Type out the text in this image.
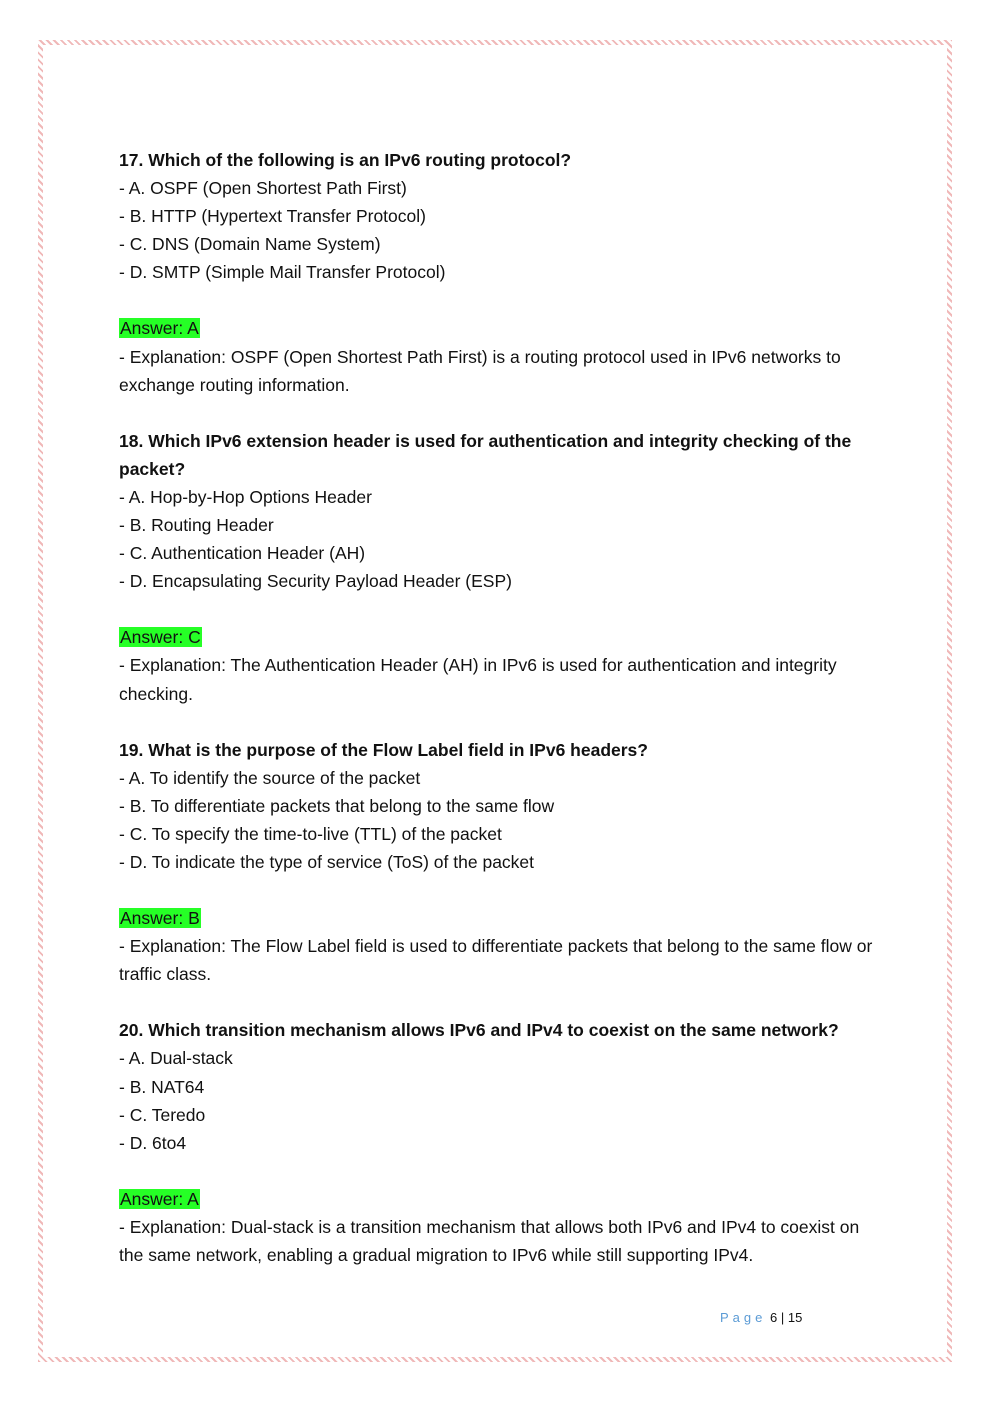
17. Which of the following is an IPv6 routing protocol?
- A. OSPF (Open Shortest Path First)
- B. HTTP (Hypertext Transfer Protocol)
- C. DNS (Domain Name System)
- D. SMTP (Simple Mail Transfer Protocol)
Answer: A
- Explanation: OSPF (Open Shortest Path First) is a routing protocol used in IPv6 networks to exchange routing information.
18. Which IPv6 extension header is used for authentication and integrity checking of the packet?
- A. Hop-by-Hop Options Header
- B. Routing Header
- C. Authentication Header (AH)
- D. Encapsulating Security Payload Header (ESP)
Answer: C
- Explanation: The Authentication Header (AH) in IPv6 is used for authentication and integrity checking.
19. What is the purpose of the Flow Label field in IPv6 headers?
- A. To identify the source of the packet
- B. To differentiate packets that belong to the same flow
- C. To specify the time-to-live (TTL) of the packet
- D. To indicate the type of service (ToS) of the packet
Answer: B
- Explanation: The Flow Label field is used to differentiate packets that belong to the same flow or traffic class.
20. Which transition mechanism allows IPv6 and IPv4 to coexist on the same network?
- A. Dual-stack
- B. NAT64
- C. Teredo
- D. 6to4
Answer: A
- Explanation: Dual-stack is a transition mechanism that allows both IPv6 and IPv4 to coexist on the same network, enabling a gradual migration to IPv6 while still supporting IPv4.
Page 6 | 15
